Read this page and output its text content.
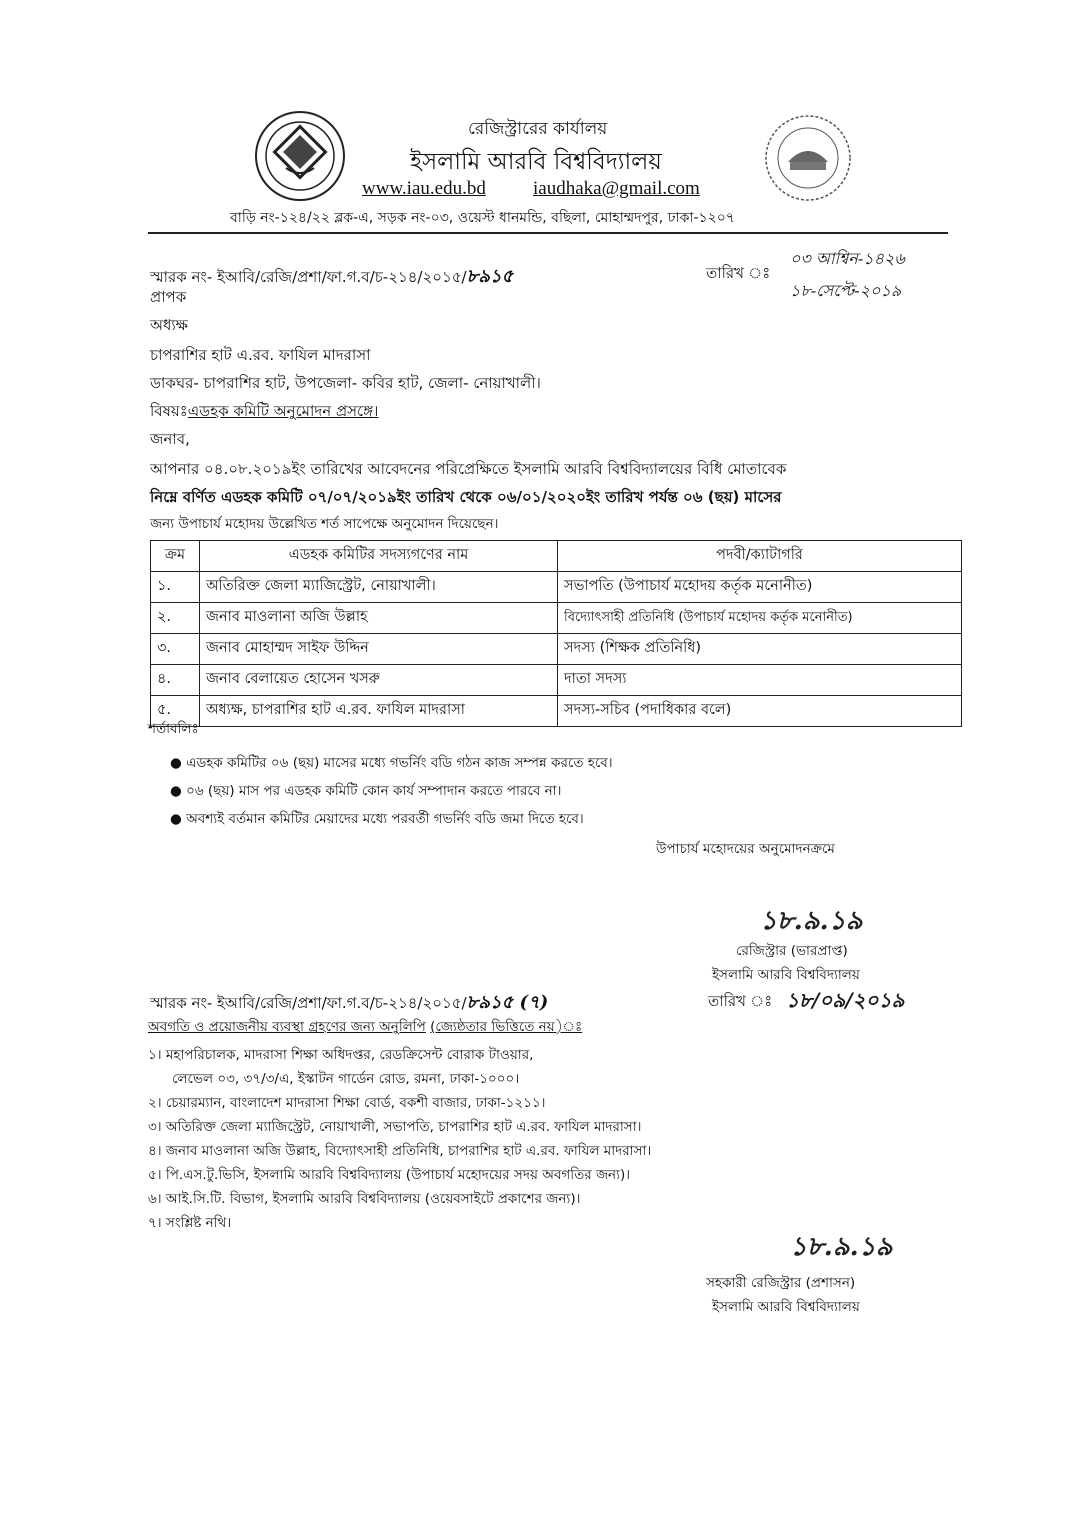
রেজিস্ট্রারের কার্যালয়
ইসলামি আরবি বিশ্ববিদ্যালয়
www.iau.edu.bd iaudhaka@gmail.com
বাড়ি নং-১২৪/২২ ব্লক-এ, সড়ক নং-০৩, ওয়েস্ট ধানমন্ডি, বছিলা, মোহাম্মদপুর, ঢাকা-১২০৭
স্মারক নং- ইআবি/রেজি/প্রশা/ফা.গ.ব/চ-২১৪/২০১৫/৮৯১৫	তারিখ ঃ
০৩ আশ্বিন-১৪২৬
১৮-সেপ্টে-২০১৯
প্রাপক
অধ্যক্ষ
চাপরাশির হাট এ.রব. ফাযিল মাদরাসা
ডাকঘর- চাপরাশির হাট, উপজেলা- কবির হাট, জেলা- নোয়াখালী।
বিষয়ঃএডহক কমিটি অনুমোদন প্রসঙ্গে।
জনাব,
আপনার ০৪.০৮.২০১৯ইং তারিখের আবেদনের পরিপ্রেক্ষিতে ইসলামি আরবি বিশ্ববিদ্যালয়ের বিধি মোতাবেক
নিম্নে বর্ণিত এডহক কমিটি ০৭/০৭/২০১৯ইং তারিখ থেকে ০৬/০১/২০২০ইং তারিখ পর্যন্ত ০৬ (ছয়) মাসের
জন্য উপাচার্য মহোদয় উল্লেখিত শর্ত সাপেক্ষে অনুমোদন দিয়েছেন।
ক্রম	এডহক কমিটির সদস্যগণের নাম	পদবী/ক্যাটাগরি
১.	অতিরিক্ত জেলা ম্যাজিস্ট্রেট, নোয়াখালী।	সভাপতি (উপাচার্য মহোদয় কর্তৃক মনোনীত)
২.	জনাব মাওলানা অজি উল্লাহ	বিদ্যোৎসাহী প্রতিনিধি (উপাচার্য মহোদয় কর্তৃক মনোনীত)
৩.	জনাব মোহাম্মদ সাইফ উদ্দিন	সদস্য (শিক্ষক প্রতিনিধি)
৪.	জনাব বেলায়েত হোসেন খসরু	দাতা সদস্য
৫.	অধ্যক্ষ, চাপরাশির হাট এ.রব. ফাযিল মাদরাসা	সদস্য-সচিব (পদাধিকার বলে)
শর্তাবলিঃ
● এডহক কমিটির ০৬ (ছয়) মাসের মধ্যে গভর্নিং বডি গঠন কাজ সম্পন্ন করতে হবে।
● ০৬ (ছয়) মাস পর এডহক কমিটি কোন কার্য সম্পাদান করতে পারবে না।
● অবশ্যই বর্তমান কমিটির মেয়াদের মধ্যে পরবর্তী গভর্নিং বডি জমা দিতে হবে।
উপাচার্য মহোদয়ের অনুমোদনক্রমে
১৮.৯.১৯
রেজিস্ট্রার (ভারপ্রাপ্ত)
ইসলামি আরবি বিশ্ববিদ্যালয়
স্মারক নং- ইআবি/রেজি/প্রশা/ফা.গ.ব/চ-২১৪/২০১৫/৮৯১৫ (৭)	তারিখ ঃ ১৮/০৯/২০১৯
অবগতি ও প্রয়োজনীয় ব্যবস্থা গ্রহণের জন্য অনুলিপি (জ্যেষ্ঠতার ভিত্তিতে নয়)ঃ
১। মহাপরিচালক, মাদরাসা শিক্ষা অধিদপ্তর, রেডক্রিসেন্ট বোরাক টাওয়ার,
লেভেল ০৩, ৩৭/৩/এ, ইস্কাটন গার্ডেন রোড, রমনা, ঢাকা-১০০০।
২। চেয়ারম্যান, বাংলাদেশ মাদরাসা শিক্ষা বোর্ড, বকশী বাজার, ঢাকা-১২১১।
৩। অতিরিক্ত জেলা ম্যাজিস্ট্রেট, নোয়াখালী, সভাপতি, চাপরাশির হাট এ.রব. ফাযিল মাদরাসা।
৪। জনাব মাওলানা অজি উল্লাহ, বিদ্যোৎসাহী প্রতিনিধি, চাপরাশির হাট এ.রব. ফাযিল মাদরাসা।
৫। পি.এস.টু.ভিসি, ইসলামি আরবি বিশ্ববিদ্যালয় (উপাচার্য মহোদয়ের সদয় অবগতির জন্য)।
৬। আই.সি.টি. বিভাগ, ইসলামি আরবি বিশ্ববিদ্যালয় (ওয়েবসাইটে প্রকাশের জন্য)।
৭। সংশ্লিষ্ট নথি।
১৮.৯.১৯
সহকারী রেজিস্ট্রার (প্রশাসন)
ইসলামি আরবি বিশ্ববিদ্যালয়
